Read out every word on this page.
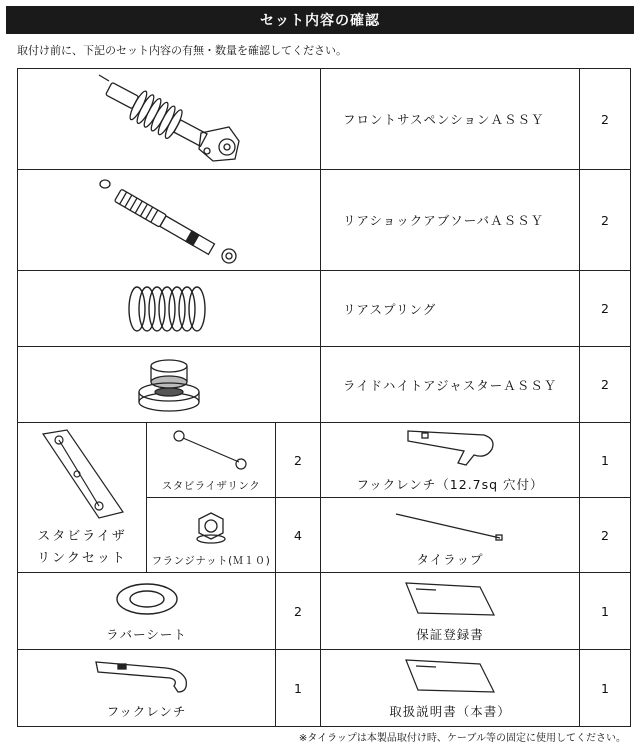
セット内容の確認
取付け前に、下記のセット内容の有無・数量を確認してください。
	フロントサスペンションＡＳＳＹ	2

	リアショックアブソーバＡＳＳＹ	2

	リアスプリング	2

	ライドハイトアジャスターＡＳＳＹ	2

スタビライザ
リンクセット	スタビライザリンク	2	フックレンチ（12.7sq 穴付）	1

	フランジナット(Ｍ１０)	4	タイラップ	2

ラバーシート		2	保証登録書	1

フックレンチ		1	取扱説明書（本書）	1
※タイラップは本製品取付け時、ケーブル等の固定に使用してください。
